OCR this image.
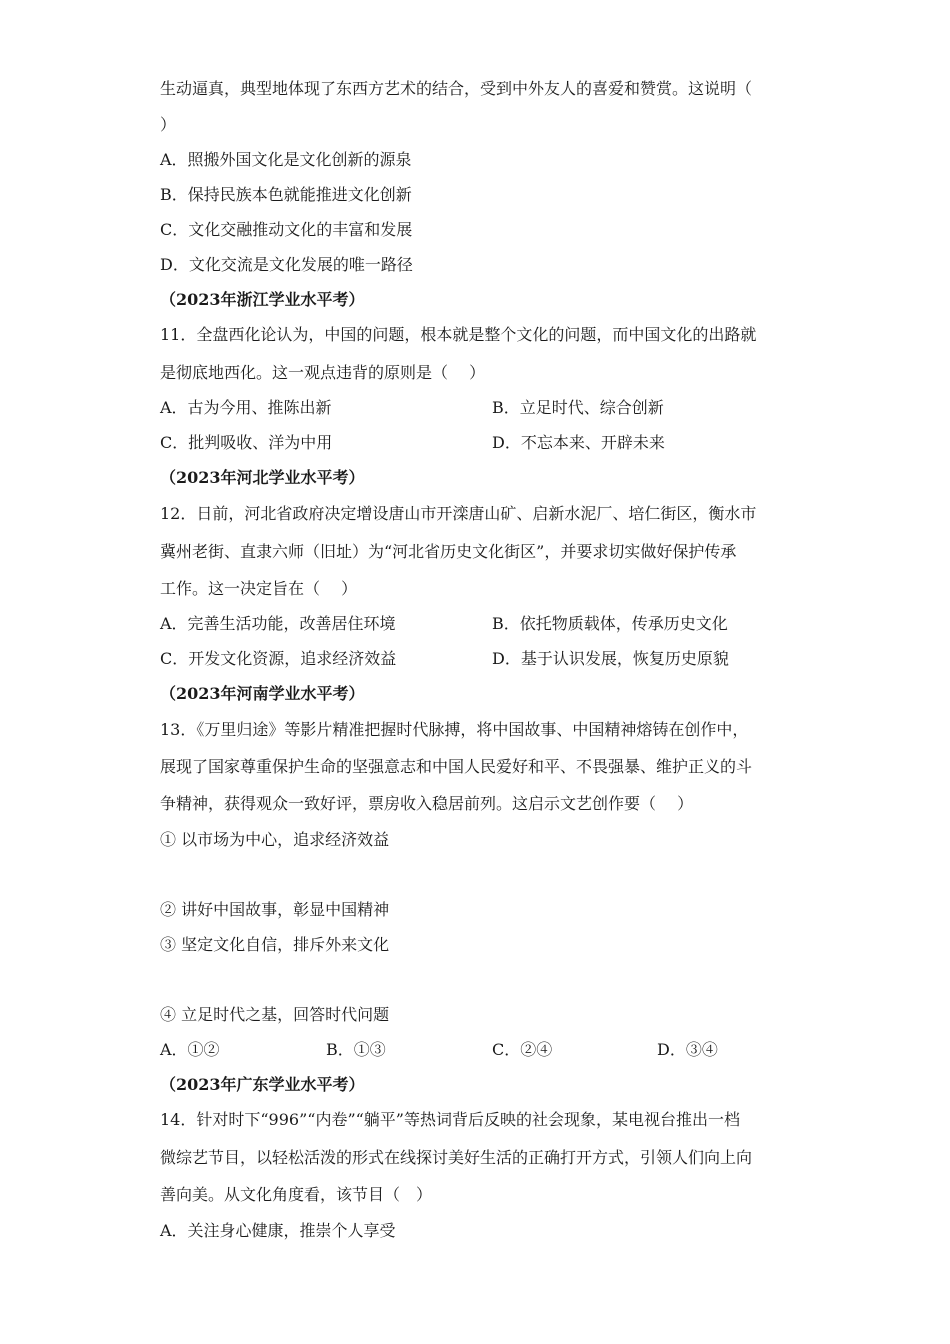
生动逼真，典型地体现了东西方艺术的结合，受到中外友人的喜爱和赞赏。这说明（
）
A．照搬外国文化是文化创新的源泉
B．保持民族本色就能推进文化创新
C．文化交融推动文化的丰富和发展
D．文化交流是文化发展的唯一路径
（2023年浙江学业水平考）
11．全盘西化论认为，中国的问题，根本就是整个文化的问题，而中国文化的出路就
是彻底地西化。这一观点违背的原则是（　 ）
A．古为今用、推陈出新	B．立足时代、综合创新
C．批判吸收、洋为中用	D．不忘本来、开辟未来
（2023年河北学业水平考）
12．日前，河北省政府决定增设唐山市开滦唐山矿、启新水泥厂、培仁街区，衡水市
冀州老街、直隶六师（旧址）为“河北省历史文化街区”，并要求切实做好保护传承
工作。这一决定旨在（　 ）
A．完善生活功能，改善居住环境	B．依托物质载体，传承历史文化
C．开发文化资源，追求经济效益	D．基于认识发展，恢复历史原貌
（2023年河南学业水平考）
13．《万里归途》等影片精准把握时代脉搏，将中国故事、中国精神熔铸在创作中，
展现了国家尊重保护生命的坚强意志和中国人民爱好和平、不畏强暴、维护正义的斗
争精神，获得观众一致好评，票房收入稳居前列。这启示文艺创作要（　 ）
① 以市场为中心，追求经济效益
② 讲好中国故事，彰显中国精神
③ 坚定文化自信，排斥外来文化
④ 立足时代之基，回答时代问题
A．①②	B．①③	C．②④	D．③④
（2023年广东学业水平考）
14．针对时下“996”“内卷”“躺平”等热词背后反映的社会现象，某电视台推出一档
微综艺节目，以轻松活泼的形式在线探讨美好生活的正确打开方式，引领人们向上向
善向美。从文化角度看，该节目（　）
A．关注身心健康，推崇个人享受
